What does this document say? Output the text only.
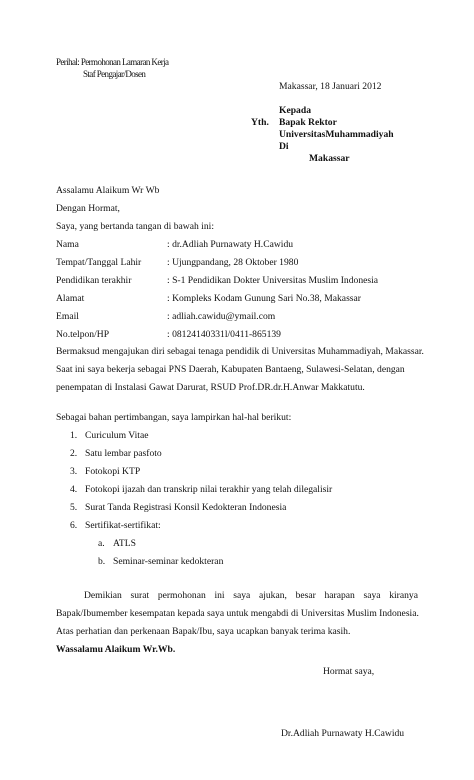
Perihal: Permohonan Lamaran Kerja
Staf Pengajar/Dosen
Makassar, 18 Januari 2012
Kepada
Yth. Bapak Rektor
UniversitasMuhammadiyah
Di
Makassar
Assalamu Alaikum Wr Wb
Dengan Hormat,
Saya, yang bertanda tangan di bawah ini:
Nama	: dr.Adliah Purnawaty H.Cawidu
Tempat/Tanggal Lahir	: Ujungpandang, 28 Oktober 1980
Pendidikan terakhir	: S-1 Pendidikan Dokter Universitas Muslim Indonesia
Alamat	: Kompleks Kodam Gunung Sari No.38, Makassar
Email	: adliah.cawidu@ymail.com
No.telpon/HP	: 08124140331l/0411-865139
Bermaksud mengajukan diri sebagai tenaga pendidik di Universitas Muhammadiyah, Makassar.
Saat ini saya bekerja sebagai PNS Daerah, Kabupaten Bantaeng, Sulawesi-Selatan, dengan
penempatan di Instalasi Gawat Darurat, RSUD Prof.DR.dr.H.Anwar Makkatutu.
Sebagai bahan pertimbangan, saya lampirkan hal-hal berikut:
1. Curiculum Vitae
2. Satu lembar pasfoto
3. Fotokopi KTP
4. Fotokopi ijazah dan transkrip nilai terakhir yang telah dilegalisir
5. Surat Tanda Registrasi Konsil Kedokteran Indonesia
6. Sertifikat-sertifikat:
a. ATLS
b. Seminar-seminar kedokteran
Demikian surat permohonan ini saya ajukan, besar harapan saya kiranya
Bapak/Ibumember kesempatan kepada saya untuk mengabdi di Universitas Muslim Indonesia.
Atas perhatian dan perkenaan Bapak/Ibu, saya ucapkan banyak terima kasih.
Wassalamu Alaikum Wr.Wb.
Hormat saya,
Dr.Adliah Purnawaty H.Cawidu
